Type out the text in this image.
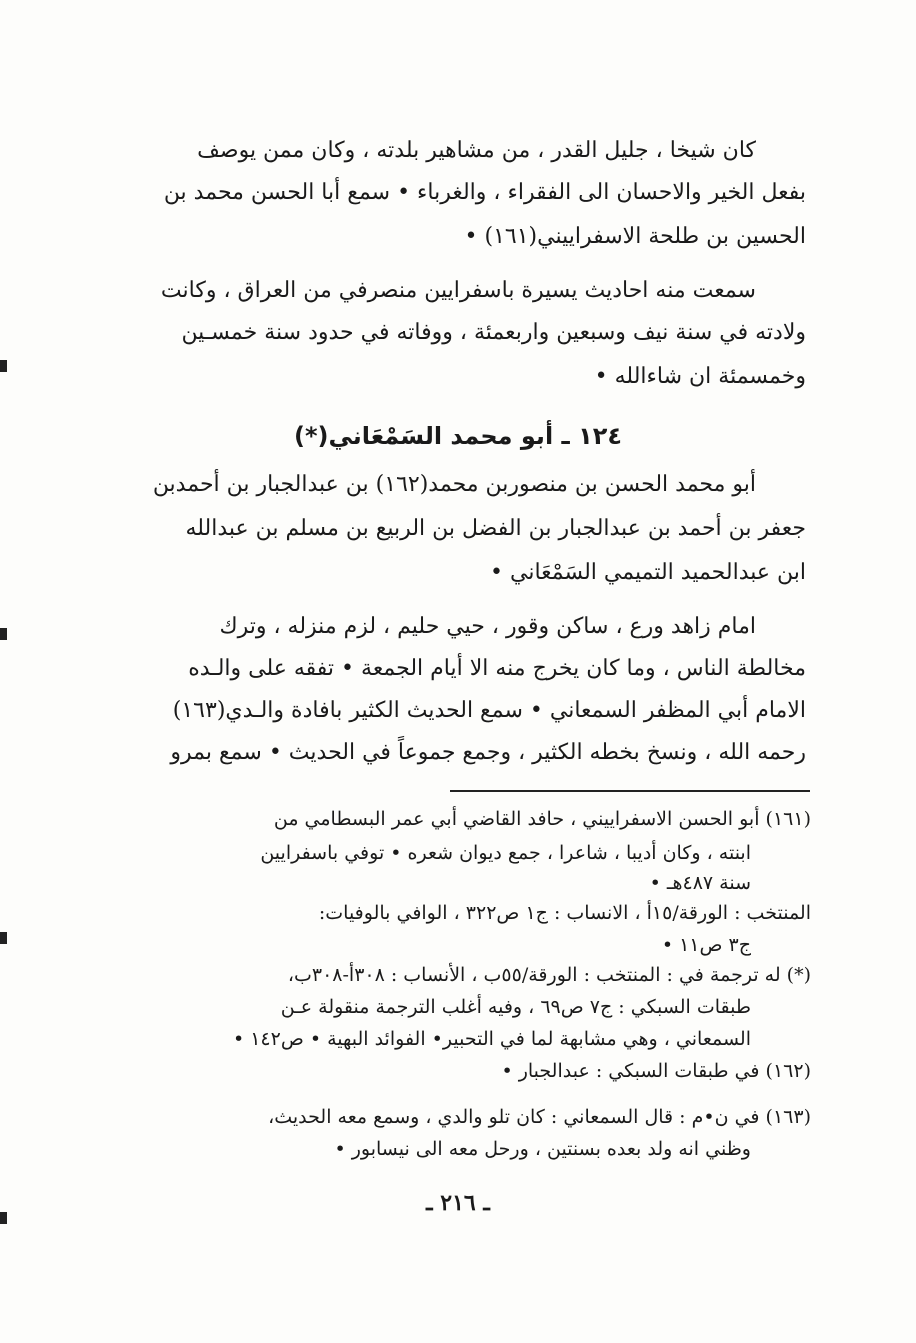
كان شيخا ، جليل القدر ، من مشاهير بلدته ، وكان ممن يوصف
بفعل الخير والاحسان الى الفقراء ، والغرباء • سمع أبا الحسن محمد بن
الحسين بن طلحة الاسفراييني(١٦١) •
سمعت منه احاديث يسيرة باسفرايين منصرفي من العراق ، وكانت
ولادته في سنة نيف وسبعين واربعمئة ، ووفاته في حدود سنة خمسـين
وخمسمئة ان شاءالله •
١٢٤ ـ أبو محمد السَمْعَاني(*)
أبو محمد الحسن بن منصوربن محمد(١٦٢) بن عبدالجبار بن أحمدبن
جعفر بن أحمد بن عبدالجبار بن الفضل بن الربيع بن مسلم بن عبدالله
ابن عبدالحميد التميمي السَمْعَاني •
امام زاهد ورع ، ساكن وقور ، حيي حليم ، لزم منزله ، وترك
مخالطة الناس ، وما كان يخرج منه الا أيام الجمعة • تفقه على والـده
الامام أبي المظفر السمعاني • سمع الحديث الكثير بافادة والـدي(١٦٣)
رحمه الله ، ونسخ بخطه الكثير ، وجمع جموعاً في الحديث • سمع بمرو
(١٦١) أبو الحسن الاسفراييني ، حافد القاضي أبي عمر البسطامي من
ابنته ، وكان أديبا ، شاعرا ، جمع ديوان شعره • توفي باسفرايين
سنة ٤٨٧هـ •
المنتخب : الورقة/١٥أ ، الانساب : ج١ ص٣٢٢ ، الوافي بالوفيات:
ج٣ ص١١ •
(*) له ترجمة في : المنتخب : الورقة/٥٥ب ، الأنساب : ٣٠٨أ-٣٠٨ب،
طبقات السبكي : ج٧ ص٦٩ ، وفيه أغلب الترجمة منقولة عـن
السمعاني ، وهي مشابهة لما في التحبير• الفوائد البهية • ص١٤٢ •
(١٦٢) في طبقات السبكي : عبدالجبار •
(١٦٣) في ن•م : قال السمعاني : كان تلو والدي ، وسمع معه الحديث،
وظني انه ولد بعده بسنتين ، ورحل معه الى نيسابور •
ـ ٢١٦ ـ
